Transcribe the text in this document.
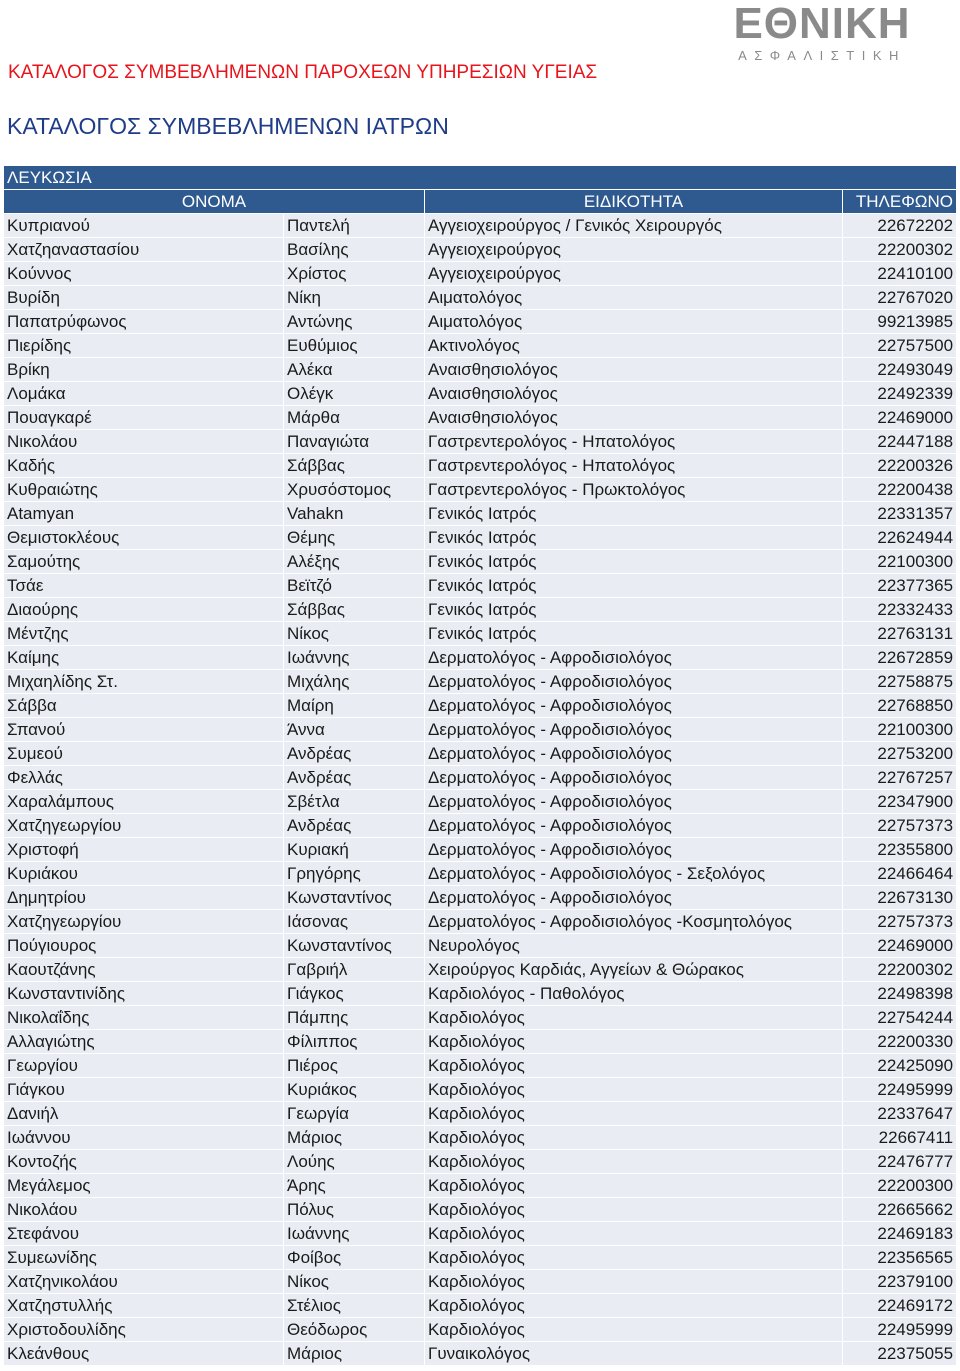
ΕΘΝΙΚΗ
ΑΣΦΑΛΙΣΤΙΚΗ
ΚΑΤΑΛΟΓΟΣ ΣΥΜΒΕΒΛΗΜΕΝΩΝ ΠΑΡΟΧΕΩΝ ΥΠΗΡΕΣΙΩΝ ΥΓΕΙΑΣ
ΚΑΤΑΛΟΓΟΣ ΣΥΜΒΕΒΛΗΜΕΝΩΝ ΙΑΤΡΩΝ
ΛΕΥΚΩΣΙΑ			
ΟΝΟΜΑ		ΕΙΔΙΚΟΤΗΤΑ	ΤΗΛΕΦΩΝΟ
Κυπριανού	Παντελή	Αγγειοχειρούργος / Γενικός Χειρουργός	22672202
Χατζηαναστασίου	Βασίλης	Αγγειοχειρούργος	22200302
Κούννος	Χρίστος	Αγγειοχειρούργος	22410100
Βυρίδη	Νίκη	Αιματολόγος	22767020
Παπατρύφωνος	Αντώνης	Αιματολόγος	99213985
Πιερίδης	Ευθύμιος	Ακτινολόγος	22757500
Βρίκη	Αλέκα	Αναισθησιολόγος	22493049
Λομάκα	Ολέγκ	Αναισθησιολόγος	22492339
Πουαγκαρέ	Μάρθα	Αναισθησιολόγος	22469000
Νικολάου	Παναγιώτα	Γαστρεντερολόγος - Ηπατολόγος	22447188
Καδής	Σάββας	Γαστρεντερολόγος - Ηπατολόγος	22200326
Κυθραιώτης	Χρυσόστομος	Γαστρεντερολόγος - Πρωκτολόγος	22200438
Atamyan	Vahakn	Γενικός Ιατρός	22331357
Θεμιστοκλέους	Θέμης	Γενικός Ιατρός	22624944
Σαμούτης	Αλέξης	Γενικός Ιατρός	22100300
Τσάε	Βεϊτζό	Γενικός Ιατρός	22377365
Διαούρης	Σάββας	Γενικός Ιατρός	22332433
Μέντζης	Νίκος	Γενικός Ιατρός	22763131
Καίμης	Ιωάννης	Δερματολόγος - Αφροδισιολόγος	22672859
Μιχαηλίδης Στ.	Μιχάλης	Δερματολόγος - Αφροδισιολόγος	22758875
Σάββα	Μαίρη	Δερματολόγος - Αφροδισιολόγος	22768850
Σπανού	Άννα	Δερματολόγος - Αφροδισιολόγος	22100300
Συμεού	Ανδρέας	Δερματολόγος - Αφροδισιολόγος	22753200
Φελλάς	Ανδρέας	Δερματολόγος - Αφροδισιολόγος	22767257
Χαραλάμπους	Σβέτλα	Δερματολόγος - Αφροδισιολόγος	22347900
Χατζηγεωργίου	Ανδρέας	Δερματολόγος - Αφροδισιολόγος	22757373
Χριστοφή	Κυριακή	Δερματολόγος - Αφροδισιολόγος	22355800
Κυριάκου	Γρηγόρης	Δερματολόγος - Αφροδισιολόγος - Σεξολόγος	22466464
Δημητρίου	Κωνσταντίνος	Δερματολόγος - Αφροδισιολόγος	22673130
Χατζηγεωργίου	Ιάσονας	Δερματολόγος - Αφροδισιολόγος -Κοσμητολόγος	22757373
Πούγιουρος	Κωνσταντίνος	Νευρολόγος	22469000
Καουτζάνης	Γαβριήλ	Χειρούργος Καρδιάς, Αγγείων & Θώρακος	22200302
Κωνσταντινίδης	Γιάγκος	Καρδιολόγος - Παθολόγος	22498398
Νικολαΐδης	Πάμπης	Καρδιολόγος	22754244
Αλλαγιώτης	Φίλιππος	Καρδιολόγος	22200330
Γεωργίου	Πιέρος	Καρδιολόγος	22425090
Γιάγκου	Κυριάκος	Καρδιολόγος	22495999
Δανιήλ	Γεωργία	Καρδιολόγος	22337647
Ιωάννου	Μάριος	Καρδιολόγος	22667411
Κοντοζής	Λούης	Καρδιολόγος	22476777
Μεγάλεμος	Άρης	Καρδιολόγος	22200300
Νικολάου	Πόλυς	Καρδιολόγος	22665662
Στεφάνου	Ιωάννης	Καρδιολόγος	22469183
Συμεωνίδης	Φοίβος	Καρδιολόγος	22356565
Χατζηνικολάου	Νίκος	Καρδιολόγος	22379100
Χατζηστυλλής	Στέλιος	Καρδιολόγος	22469172
Χριστοδουλίδης	Θεόδωρος	Καρδιολόγος	22495999
Κλεάνθους	Μάριος	Γυναικολόγος	22375055
